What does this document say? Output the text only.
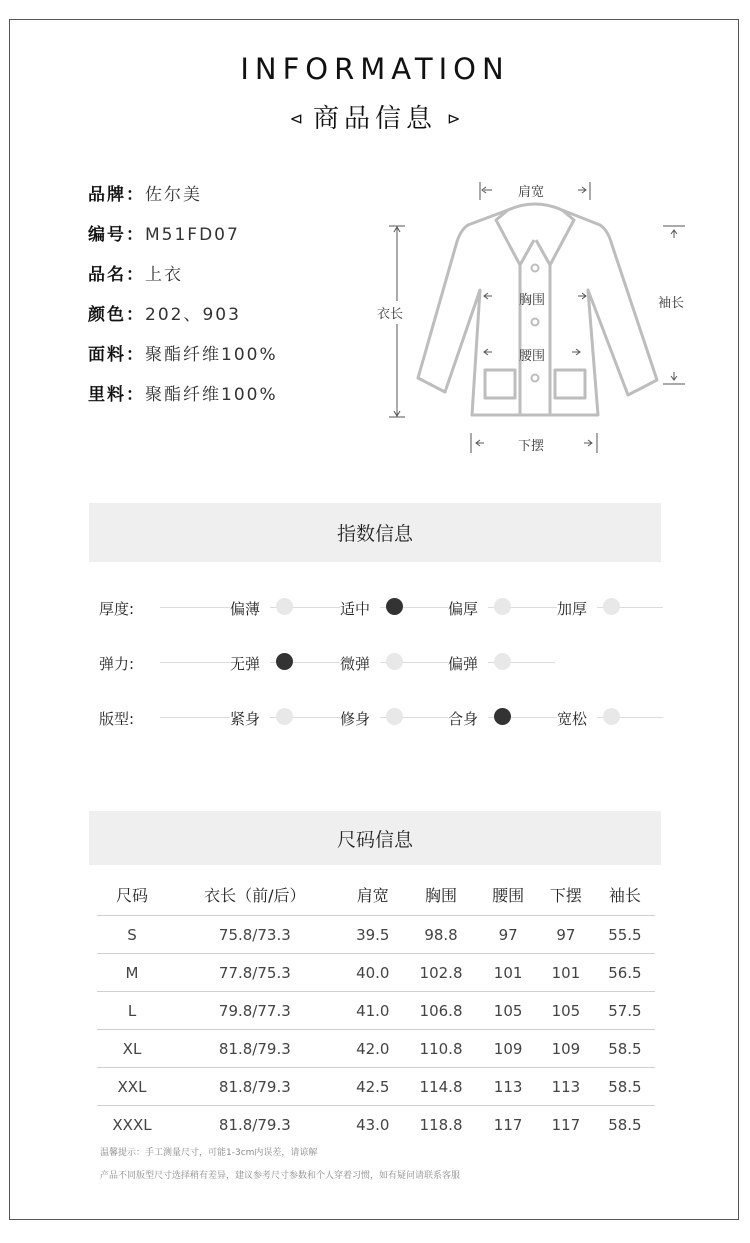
INFORMATION
⊲ 商品信息 ⊳
品牌：佐尔美
编号：M51FD07
品名：上衣
颜色：202、903
面料：聚酯纤维100%
里料：聚酯纤维100%
肩宽
衣长
胸围
腰围
袖长
下摆
指数信息
厚度:	偏薄	适中	偏厚	加厚
弹力:	无弹	微弹	偏弹
版型:	紧身	修身	合身	宽松
尺码信息
尺码	衣长（前/后）	肩宽	胸围	腰围	下摆	袖长
S	75.8/73.3	39.5	98.8	97	97	55.5
M	77.8/75.3	40.0	102.8	101	101	56.5
L	79.8/77.3	41.0	106.8	105	105	57.5
XL	81.8/79.3	42.0	110.8	109	109	58.5
XXL	81.8/79.3	42.5	114.8	113	113	58.5
XXXL	81.8/79.3	43.0	118.8	117	117	58.5
温馨提示：手工测量尺寸，可能1-3cm内误差，请谅解
产品不同版型尺寸选择稍有差异，建议参考尺寸参数和个人穿着习惯，如有疑问请联系客服
